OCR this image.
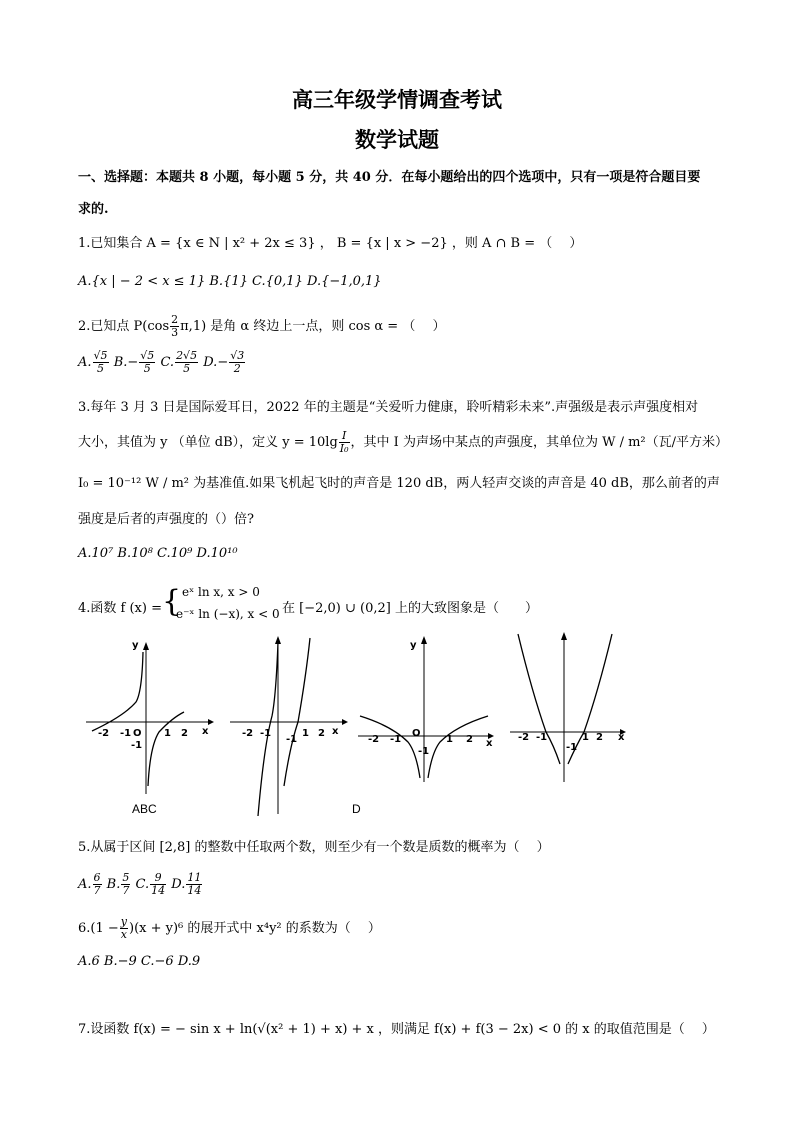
高三年级学情调查考试
数学试题
一、选择题：本题共 8 小题，每小题 5 分，共 40 分．在每小题给出的四个选项中，只有一项是符合题目要
求的.
1.已知集合 A = {x ∈ N | x² + 2x ≤ 3} ， B = {x | x > −2} ，则 A ∩ B = （　 ）
A.{x | − 2 < x ≤ 1} B.{1} C.{0,1} D.{−1,0,1}
2.已知点 $P(\cos \frac{2}{3} \pi,1)$ 是角 α 终边上一点，则 cos α = （　 ）
A. $\frac{√5}{5} B.- \frac{√5}{5} C$. $\frac{2√5}{5} D.- \frac{√3}{2}$
3.每年 3 月 3 日是国际爱耳日，2022 年的主题是“关爱听力健康，聆听精彩未来”.声强级是表示声强度相对
大小，其值为 y （单位 dB），定义 $y = 10\lg \frac{I}{\text{I₀}}$ ，其中 I 为声场中某点的声强度，其单位为 W / m²（瓦/平方米）
I₀ = 10⁻¹² W / m² 为基准值.如果飞机起飞时的声音是 120 dB，两人轻声交谈的声音是 40 dB，那么前者的声
强度是后者的声强度的（）倍?
A.10⁷ B.10⁸ C.10⁹ D.10¹⁰
4.函数 f (x) = { eˣ ln x, x > 0
e⁻ˣ ln (−x), x < 0 在 [−2,0) ∪ (0,2] 上的大致图象是（　　）
y
x
-2 -1 O 1 2
-1
-2 -1
-1
1 2 x
y
x
-2 -1
O
-1
1 2	-2 -1
-1
1 2 x
ABC	D
5.从属于区间 [2,8] 的整数中任取两个数，则至少有一个数是质数的概率为（　 ）
A. $\frac{6}{7} B$. $\frac{5}{7} C$. $\frac{9}{14} D$. $\frac{11}{14}$
$6.(1 - \frac{y}{x} )(x + y)^6$ 的展开式中 x⁴y² 的系数为（　 ）
A.6 B.−9 C.−6 D.9
7.设函数 f(x) = − sin x + ln(√(x² + 1) + x) + x ，则满足 f(x) + f(3 − 2x) < 0 的 x 的取值范围是（　 ）
